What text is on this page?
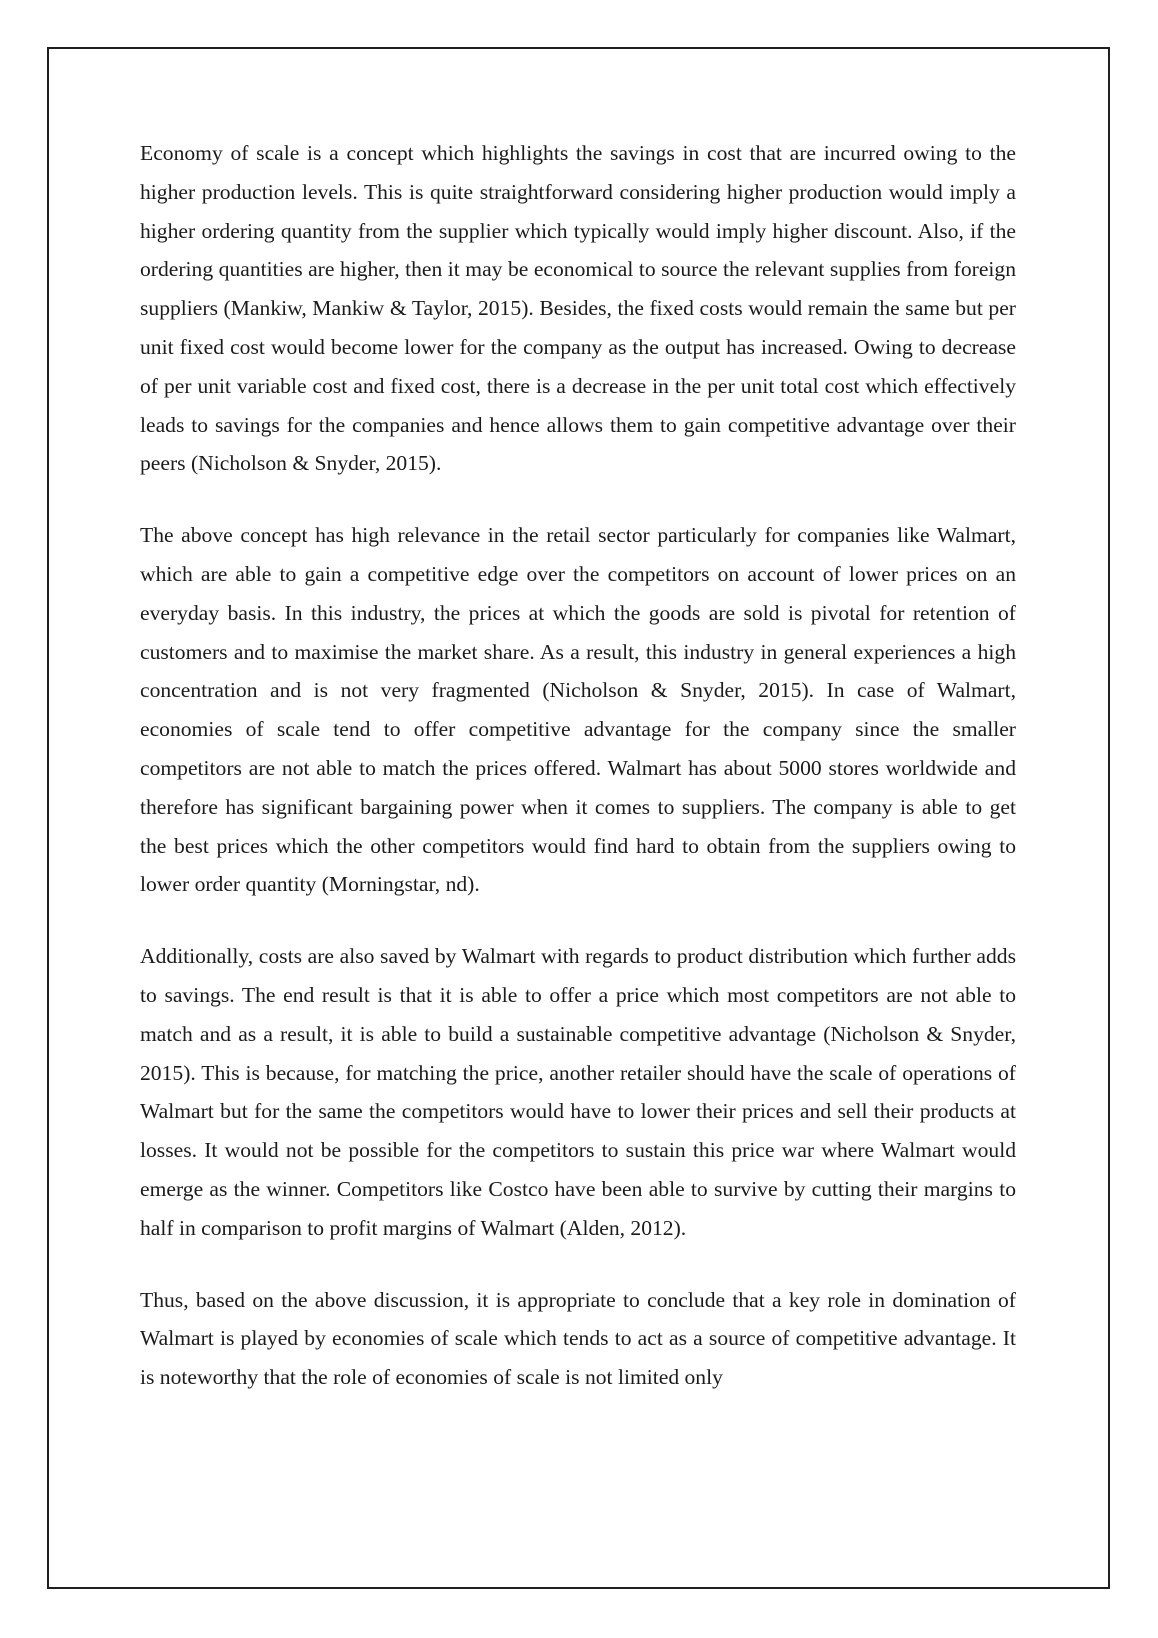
Economy of scale is a concept which highlights the savings in cost that are incurred owing to the higher production levels. This is quite straightforward considering higher production would imply a higher ordering quantity from the supplier which typically would imply higher discount. Also, if the ordering quantities are higher, then it may be economical to source the relevant supplies from foreign suppliers (Mankiw, Mankiw & Taylor, 2015). Besides, the fixed costs would remain the same but per unit fixed cost would become lower for the company as the output has increased. Owing to decrease of per unit variable cost and fixed cost, there is a decrease in the per unit total cost which effectively leads to savings for the companies and hence allows them to gain competitive advantage over their peers (Nicholson & Snyder, 2015).

The above concept has high relevance in the retail sector particularly for companies like Walmart, which are able to gain a competitive edge over the competitors on account of lower prices on an everyday basis. In this industry, the prices at which the goods are sold is pivotal for retention of customers and to maximise the market share. As a result, this industry in general experiences a high concentration and is not very fragmented (Nicholson & Snyder, 2015). In case of Walmart, economies of scale tend to offer competitive advantage for the company since the smaller competitors are not able to match the prices offered. Walmart has about 5000 stores worldwide and therefore has significant bargaining power when it comes to suppliers. The company is able to get the best prices which the other competitors would find hard to obtain from the suppliers owing to lower order quantity (Morningstar, nd).

Additionally, costs are also saved by Walmart with regards to product distribution which further adds to savings. The end result is that it is able to offer a price which most competitors are not able to match and as a result, it is able to build a sustainable competitive advantage (Nicholson & Snyder, 2015). This is because, for matching the price, another retailer should have the scale of operations of Walmart but for the same the competitors would have to lower their prices and sell their products at losses. It would not be possible for the competitors to sustain this price war where Walmart would emerge as the winner. Competitors like Costco have been able to survive by cutting their margins to half in comparison to profit margins of Walmart (Alden, 2012).

Thus, based on the above discussion, it is appropriate to conclude that a key role in domination of Walmart is played by economies of scale which tends to act as a source of competitive advantage. It is noteworthy that the role of economies of scale is not limited only
